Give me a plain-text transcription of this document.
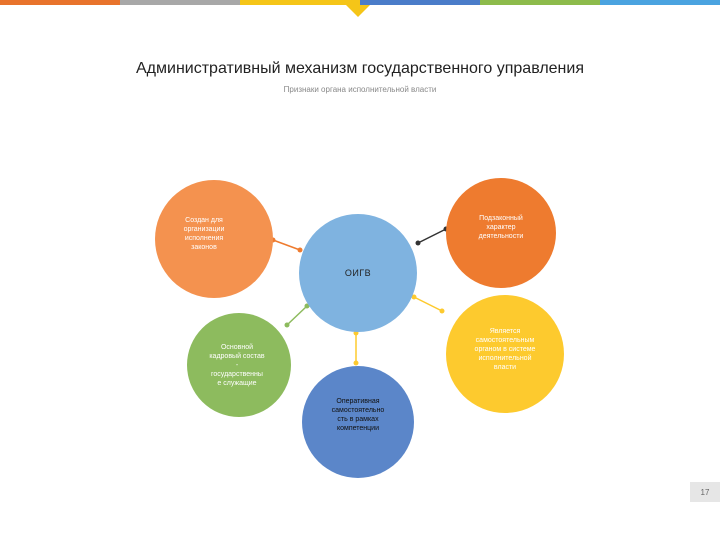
Административный механизм государственного управления
Признаки органа исполнительной власти
ОИГВ
Создан для
организации
исполнения
законов
Подзаконный
характер
деятельности
Основной
кадровый состав
-
государственны
е служащие
Является
самостоятельным
органом в системе
исполнительной
власти
Оперативная
самостоятельно
сть в рамках
компетенции
17
